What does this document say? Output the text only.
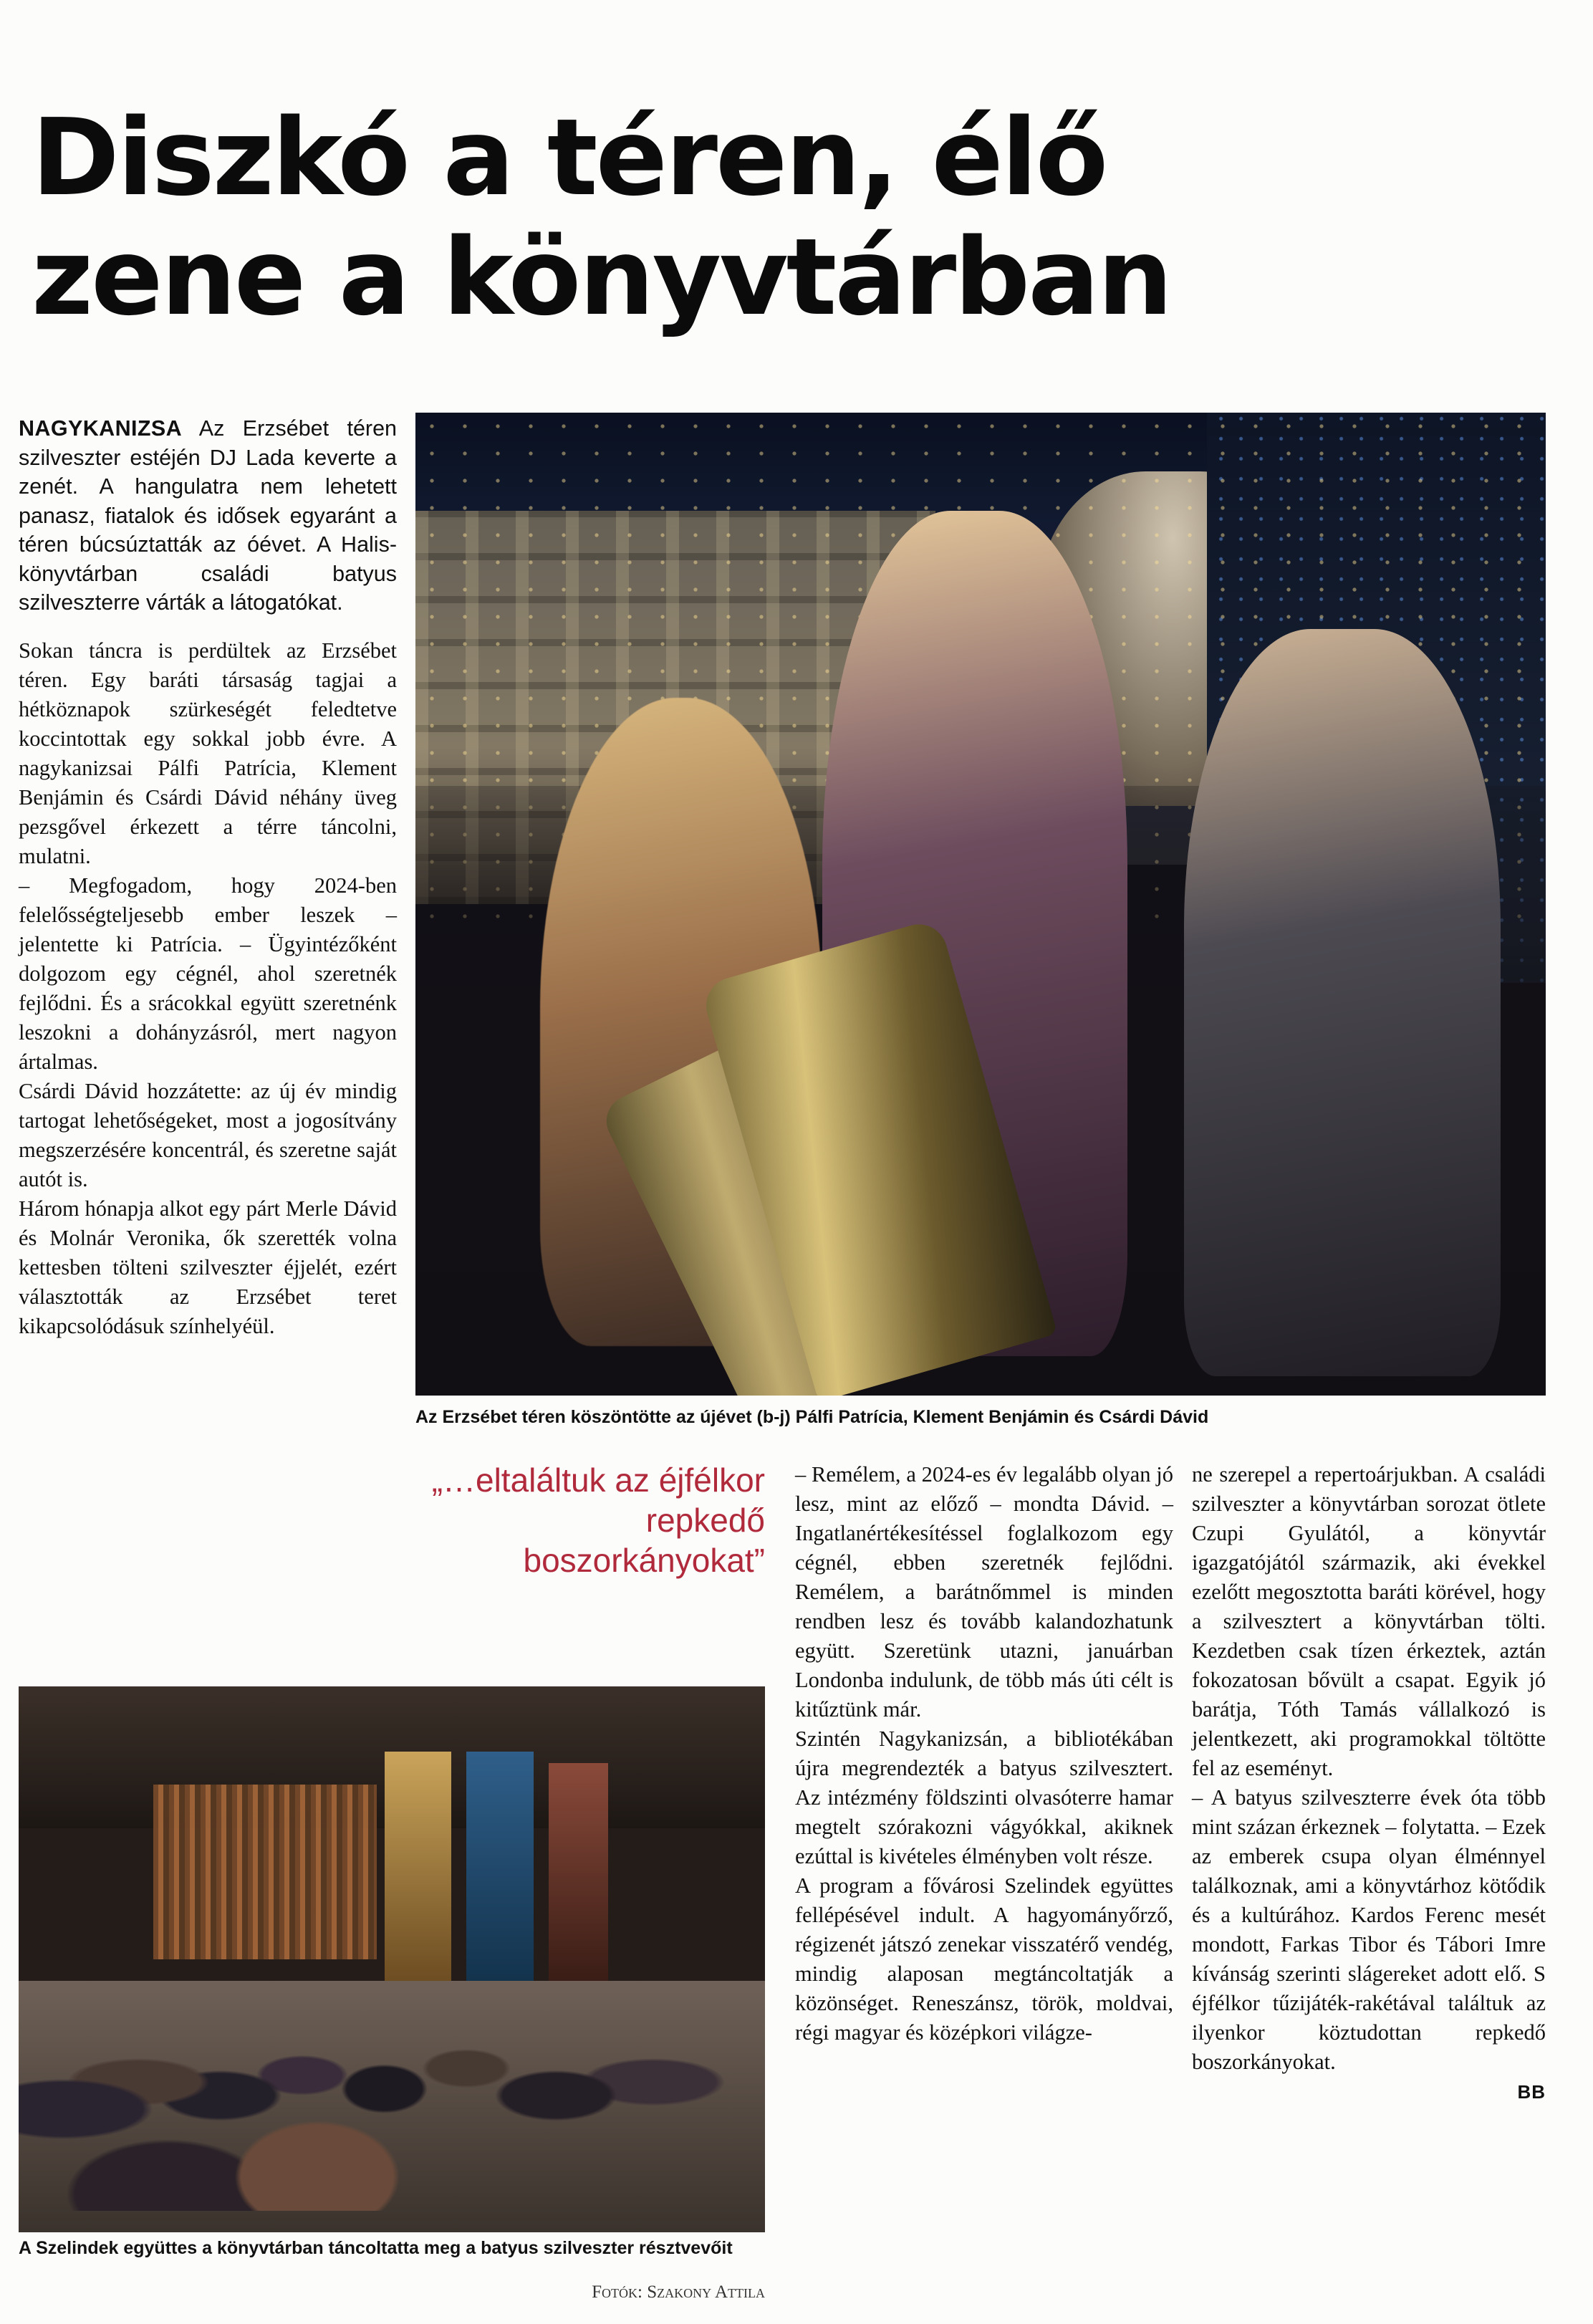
Diszkó a téren, élő
zene a könyvtárban
NAGYKANIZSA Az Erzsébet téren szilveszter estéjén DJ Lada keverte a zenét. A hangulatra nem lehetett panasz, fiatalok és idősek egyaránt a téren búcsúztatták az óévet. A Halis-könyvtárban családi batyus szilveszterre várták a látogatókat.

Sokan táncra is perdültek az Erzsébet téren. Egy baráti társaság tagjai a hétköznapok szürkeségét feledtetve koccintottak egy sokkal jobb évre. A nagykanizsai Pálfi Patrícia, Klement Benjámin és Csárdi Dávid néhány üveg pezsgővel érkezett a térre táncolni, mulatni.

– Megfogadom, hogy 2024-ben felelősségteljesebb ember leszek – jelentette ki Patrícia. – Ügyintézőként dolgozom egy cégnél, ahol szeretnék fejlődni. És a srácokkal együtt szeretnénk leszokni a dohányzásról, mert nagyon ártalmas.

Csárdi Dávid hozzátette: az új év mindig tartogat lehetőségeket, most a jogosítvány megszerzésére koncentrál, és szeretne saját autót is.

Három hónapja alkot egy párt Merle Dávid és Molnár Veronika, ők szerették volna kettesben tölteni szilveszter éjjelét, ezért választották az Erzsébet teret kikapcsolódásuk színhelyéül.

Az Erzsébet téren köszöntötte az újévet (b-j) Pálfi Patrícia, Klement Benjámin és Csárdi Dávid
„…eltaláltuk az éjfélkor repkedő boszorkányokat”
A Szelindek együttes a könyvtárban táncoltatta meg a batyus szilveszter résztvevőit
Fotók: Szakony Attila

– Remélem, a 2024-es év legalább olyan jó lesz, mint az előző – mondta Dávid. – Ingatlanértékesítéssel foglalkozom egy cégnél, ebben szeretnék fejlődni. Remélem, a barátnőmmel is minden rendben lesz és tovább kalandozhatunk együtt. Szeretünk utazni, januárban Londonba indulunk, de több más úti célt is kitűztünk már.

Szintén Nagykanizsán, a bibliotékában újra megrendezték a batyus szilvesztert. Az intézmény földszinti olvasóterre hamar megtelt szórakozni vágyókkal, akiknek ezúttal is kivételes élményben volt része.

A program a fővárosi Szelindek együttes fellépésével indult. A hagyományőrző, régizenét játszó zenekar visszatérő vendég, mindig alaposan megtáncoltatják a közönséget. Reneszánsz, török, moldvai, régi magyar és középkori világze-

ne szerepel a repertoárjukban. A családi szilveszter a könyvtárban sorozat ötlete Czupi Gyulától, a könyvtár igazgatójától származik, aki évekkel ezelőtt megosztotta baráti körével, hogy a szilvesztert a könyvtárban tölti. Kezdetben csak tízen érkeztek, aztán fokozatosan bővült a csapat. Egyik jó barátja, Tóth Tamás vállalkozó is jelentkezett, aki programokkal töltötte fel az eseményt.

– A batyus szilveszterre évek óta több mint százan érkeznek – folytatta. – Ezek az emberek csupa olyan élménnyel találkoznak, ami a könyvtárhoz kötődik és a kultúrához. Kardos Ferenc mesét mondott, Farkas Tibor és Tábori Imre kívánság szerinti slágereket adott elő. S éjfélkor tűzijáték-rakétával találtuk az ilyenkor köztudottan repkedő boszorkányokat.

BB
